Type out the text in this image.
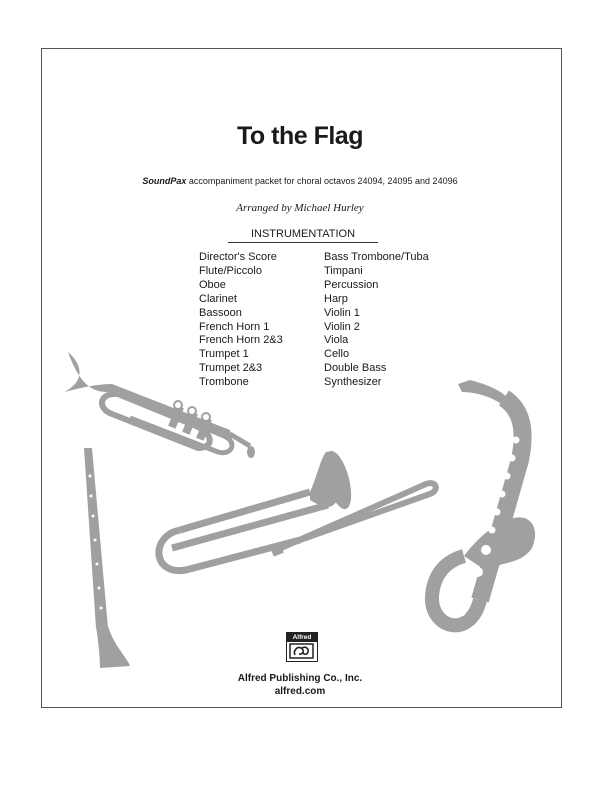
To the Flag
SoundPax accompaniment packet for choral octavos 24094, 24095 and 24096
Arranged by Michael Hurley
INSTRUMENTATION
Director's Score
Flute/Piccolo
Oboe
Clarinet
Bassoon
French Horn 1
French Horn 2&3
Trumpet 1
Trumpet 2&3
Trombone
Bass Trombone/Tuba
Timpani
Percussion
Harp
Violin 1
Violin 2
Viola
Cello
Double Bass
Synthesizer
Alfred
Alfred Publishing Co., Inc.
alfred.com
